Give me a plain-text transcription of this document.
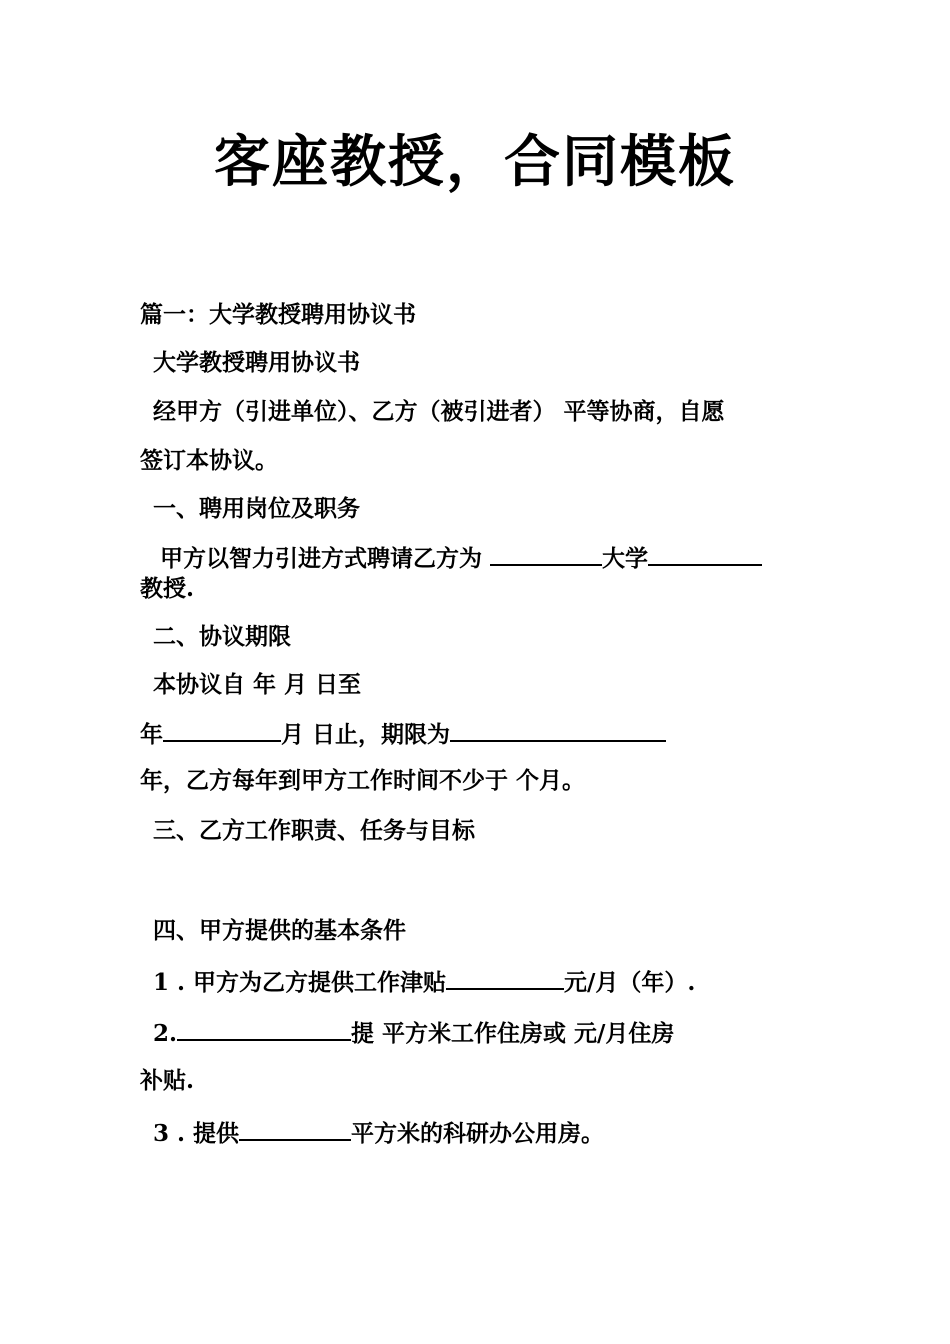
客座教授，合同模板
篇一：大学教授聘用协议书
大学教授聘用协议书
经甲方（引进单位）、乙方（被引进者） 平等协商，自愿
签订本协议。
一、聘用岗位及职务
甲方以智力引进方式聘请乙方为	大学
教授.
二、协议期限
本协议自 年 月 日至
年	月 日止，期限为
年，乙方每年到甲方工作时间不少于 个月。
三、乙方工作职责、任务与目标
四、甲方提供的基本条件
1 . 甲方为乙方提供工作津贴	元/月（年）.
2.	提 平方米工作住房或 元/月住房
补贴.
3 . 提供	平方米的科研办公用房。
